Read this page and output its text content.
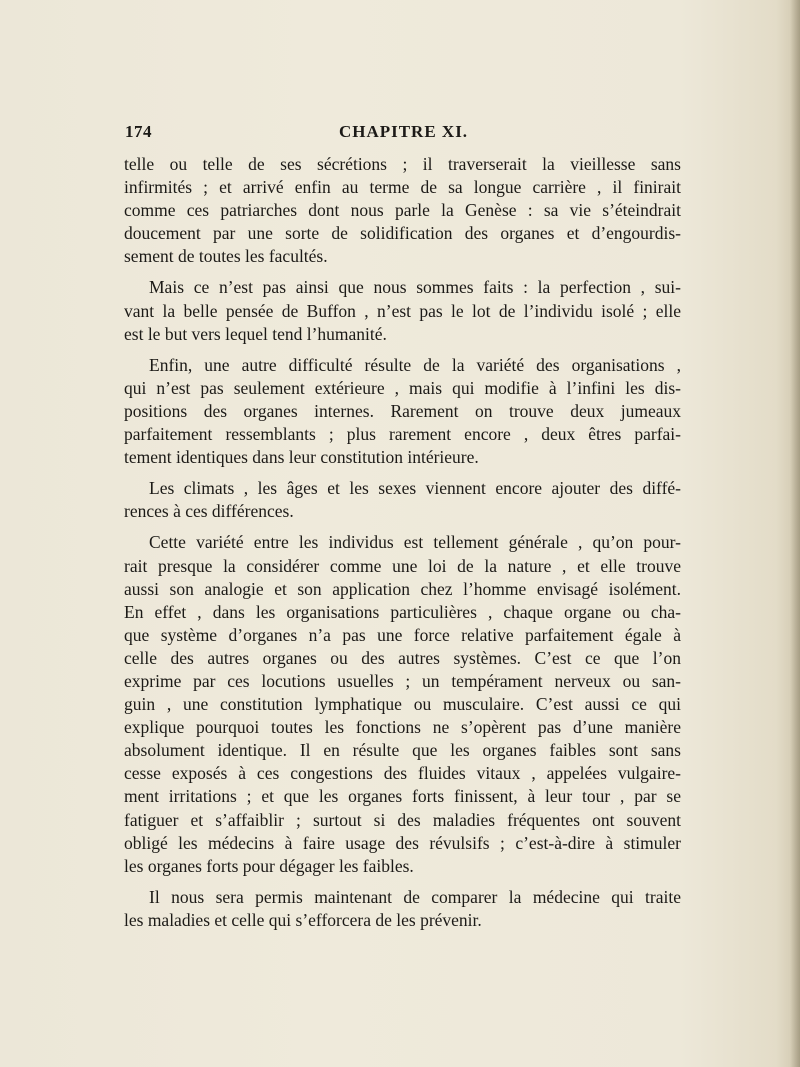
174	CHAPITRE XI.
telle ou telle de ses sécrétions ; il traverserait la vieillesse sans
infirmités ; et arrivé enfin au terme de sa longue carrière , il finirait
comme ces patriarches dont nous parle la Genèse : sa vie s’éteindrait
doucement par une sorte de solidification des organes et d’engourdis-
sement de toutes les facultés.
Mais ce n’est pas ainsi que nous sommes faits : la perfection , sui-
vant la belle pensée de Buffon , n’est pas le lot de l’individu isolé ; elle
est le but vers lequel tend l’humanité.
Enfin, une autre difficulté résulte de la variété des organisations ,
qui n’est pas seulement extérieure , mais qui modifie à l’infini les dis-
positions des organes internes. Rarement on trouve deux jumeaux
parfaitement ressemblants ; plus rarement encore , deux êtres parfai-
tement identiques dans leur constitution intérieure.
Les climats , les âges et les sexes viennent encore ajouter des diffé-
rences à ces différences.
Cette variété entre les individus est tellement générale , qu’on pour-
rait presque la considérer comme une loi de la nature , et elle trouve
aussi son analogie et son application chez l’homme envisagé isolément.
En effet , dans les organisations particulières , chaque organe ou cha-
que système d’organes n’a pas une force relative parfaitement égale à
celle des autres organes ou des autres systèmes. C’est ce que l’on
exprime par ces locutions usuelles ; un tempérament nerveux ou san-
guin , une constitution lymphatique ou musculaire. C’est aussi ce qui
explique pourquoi toutes les fonctions ne s’opèrent pas d’une manière
absolument identique. Il en résulte que les organes faibles sont sans
cesse exposés à ces congestions des fluides vitaux , appelées vulgaire-
ment irritations ; et que les organes forts finissent, à leur tour , par se
fatiguer et s’affaiblir ; surtout si des maladies fréquentes ont souvent
obligé les médecins à faire usage des révulsifs ; c’est-à-dire à stimuler
les organes forts pour dégager les faibles.
Il nous sera permis maintenant de comparer la médecine qui traite
les maladies et celle qui s’efforcera de les prévenir.
